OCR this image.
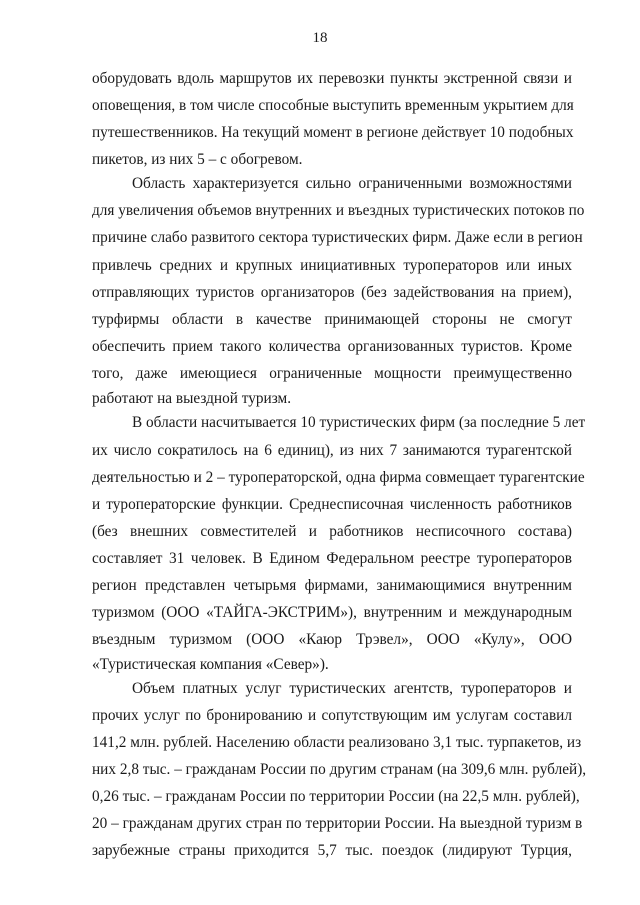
18
оборудовать вдоль маршрутов их перевозки пункты экстренной связи и
оповещения, в том числе способные выступить временным укрытием для
путешественников. На текущий момент в регионе действует 10 подобных
пикетов, из них 5 – с обогревом.
Область характеризуется сильно ограниченными возможностями
для увеличения объемов внутренних и въездных туристических потоков по
причине слабо развитого сектора туристических фирм. Даже если в регион
привлечь средних и крупных инициативных туроператоров или иных
отправляющих туристов организаторов (без задействования на прием),
турфирмы области в качестве принимающей стороны не смогут
обеспечить прием такого количества организованных туристов. Кроме
того, даже имеющиеся ограниченные мощности преимущественно
работают на выездной туризм.
В области насчитывается 10 туристических фирм (за последние 5 лет
их число сократилось на 6 единиц), из них 7 занимаются турагентской
деятельностью и 2 – туроператорской, одна фирма совмещает турагентские
и туроператорские функции. Среднесписочная численность работников
(без внешних совместителей и работников несписочного состава)
составляет 31 человек. В Едином Федеральном реестре туроператоров
регион представлен четырьмя фирмами, занимающимися внутренним
туризмом (ООО «ТАЙГА-ЭКСТРИМ»), внутренним и международным
въездным туризмом (ООО «Каюр Трэвел», ООО «Кулу», ООО
«Туристическая компания «Север»).
Объем платных услуг туристических агентств, туроператоров и
прочих услуг по бронированию и сопутствующим им услугам составил
141,2 млн. рублей. Населению области реализовано 3,1 тыс. турпакетов, из
них 2,8 тыс. – гражданам России по другим странам (на 309,6 млн. рублей),
0,26 тыс. – гражданам России по территории России (на 22,5 млн. рублей),
20 – гражданам других стран по территории России. На выездной туризм в
зарубежные страны приходится 5,7 тыс. поездок (лидируют Турция,
